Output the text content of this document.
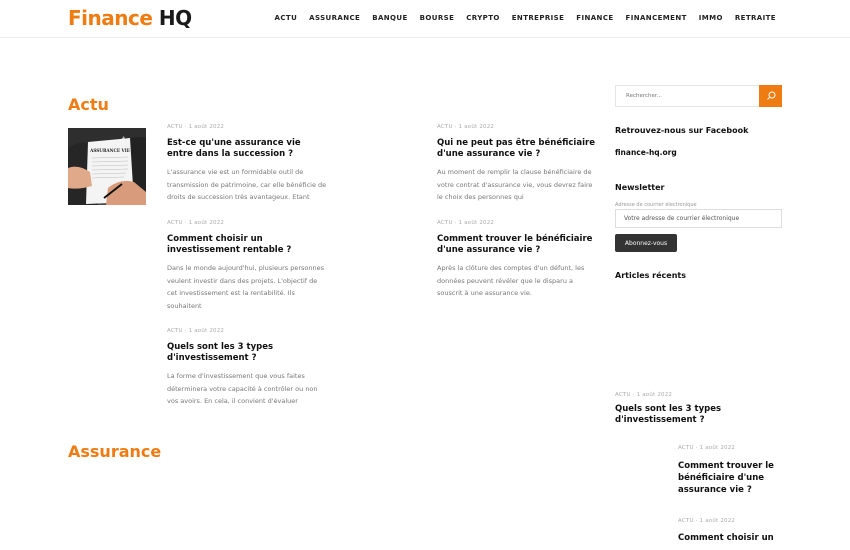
Finance HQ	ACTU ASSURANCE BANQUE BOURSE CRYPTO ENTREPRISE FINANCE FINANCEMENT IMMO RETRAITE
Actu
ASSURANCE VIE
ACTU · 1 août 2022
Est-ce qu'une assurance vie entre dans la succession ?
L'assurance vie est un formidable outil de transmission de patrimoine, car elle bénéficie de droits de succession très avantageux. Etant
ACTU · 1 août 2022
Qui ne peut pas être bénéficiaire d'une assurance vie ?
Au moment de remplir la clause bénéficiaire de votre contrat d'assurance vie, vous devrez faire le choix des personnes qui
ACTU · 1 août 2022
Comment choisir un investissement rentable ?
Dans le monde aujourd'hui, plusieurs personnes veulent investir dans des projets. L'objectif de cet investissement est la rentabilité. Ils souhaitent
ACTU · 1 août 2022
Comment trouver le bénéficiaire d'une assurance vie ?
Après la clôture des comptes d'un défunt, les données peuvent révéler que le disparu a souscrit à une assurance vie.
ACTU · 1 août 2022
Quels sont les 3 types d'investissement ?
La forme d'investissement que vous faites déterminera votre capacité à contrôler ou non vos avoirs. En cela, il convient d'évaluer
Assurance
Rechercher...
Retrouvez-nous sur Facebook
finance-hq.org
Newsletter
Adresse de courrier électronique
Votre adresse de courrier électronique
Abonnez-vous
Articles récents
ACTU · 1 août 2022
Quels sont les 3 types d'investissement ?
ACTU · 1 août 2022
Comment trouver le bénéficiaire d'une assurance vie ?
ACTU · 1 août 2022
Comment choisir un
